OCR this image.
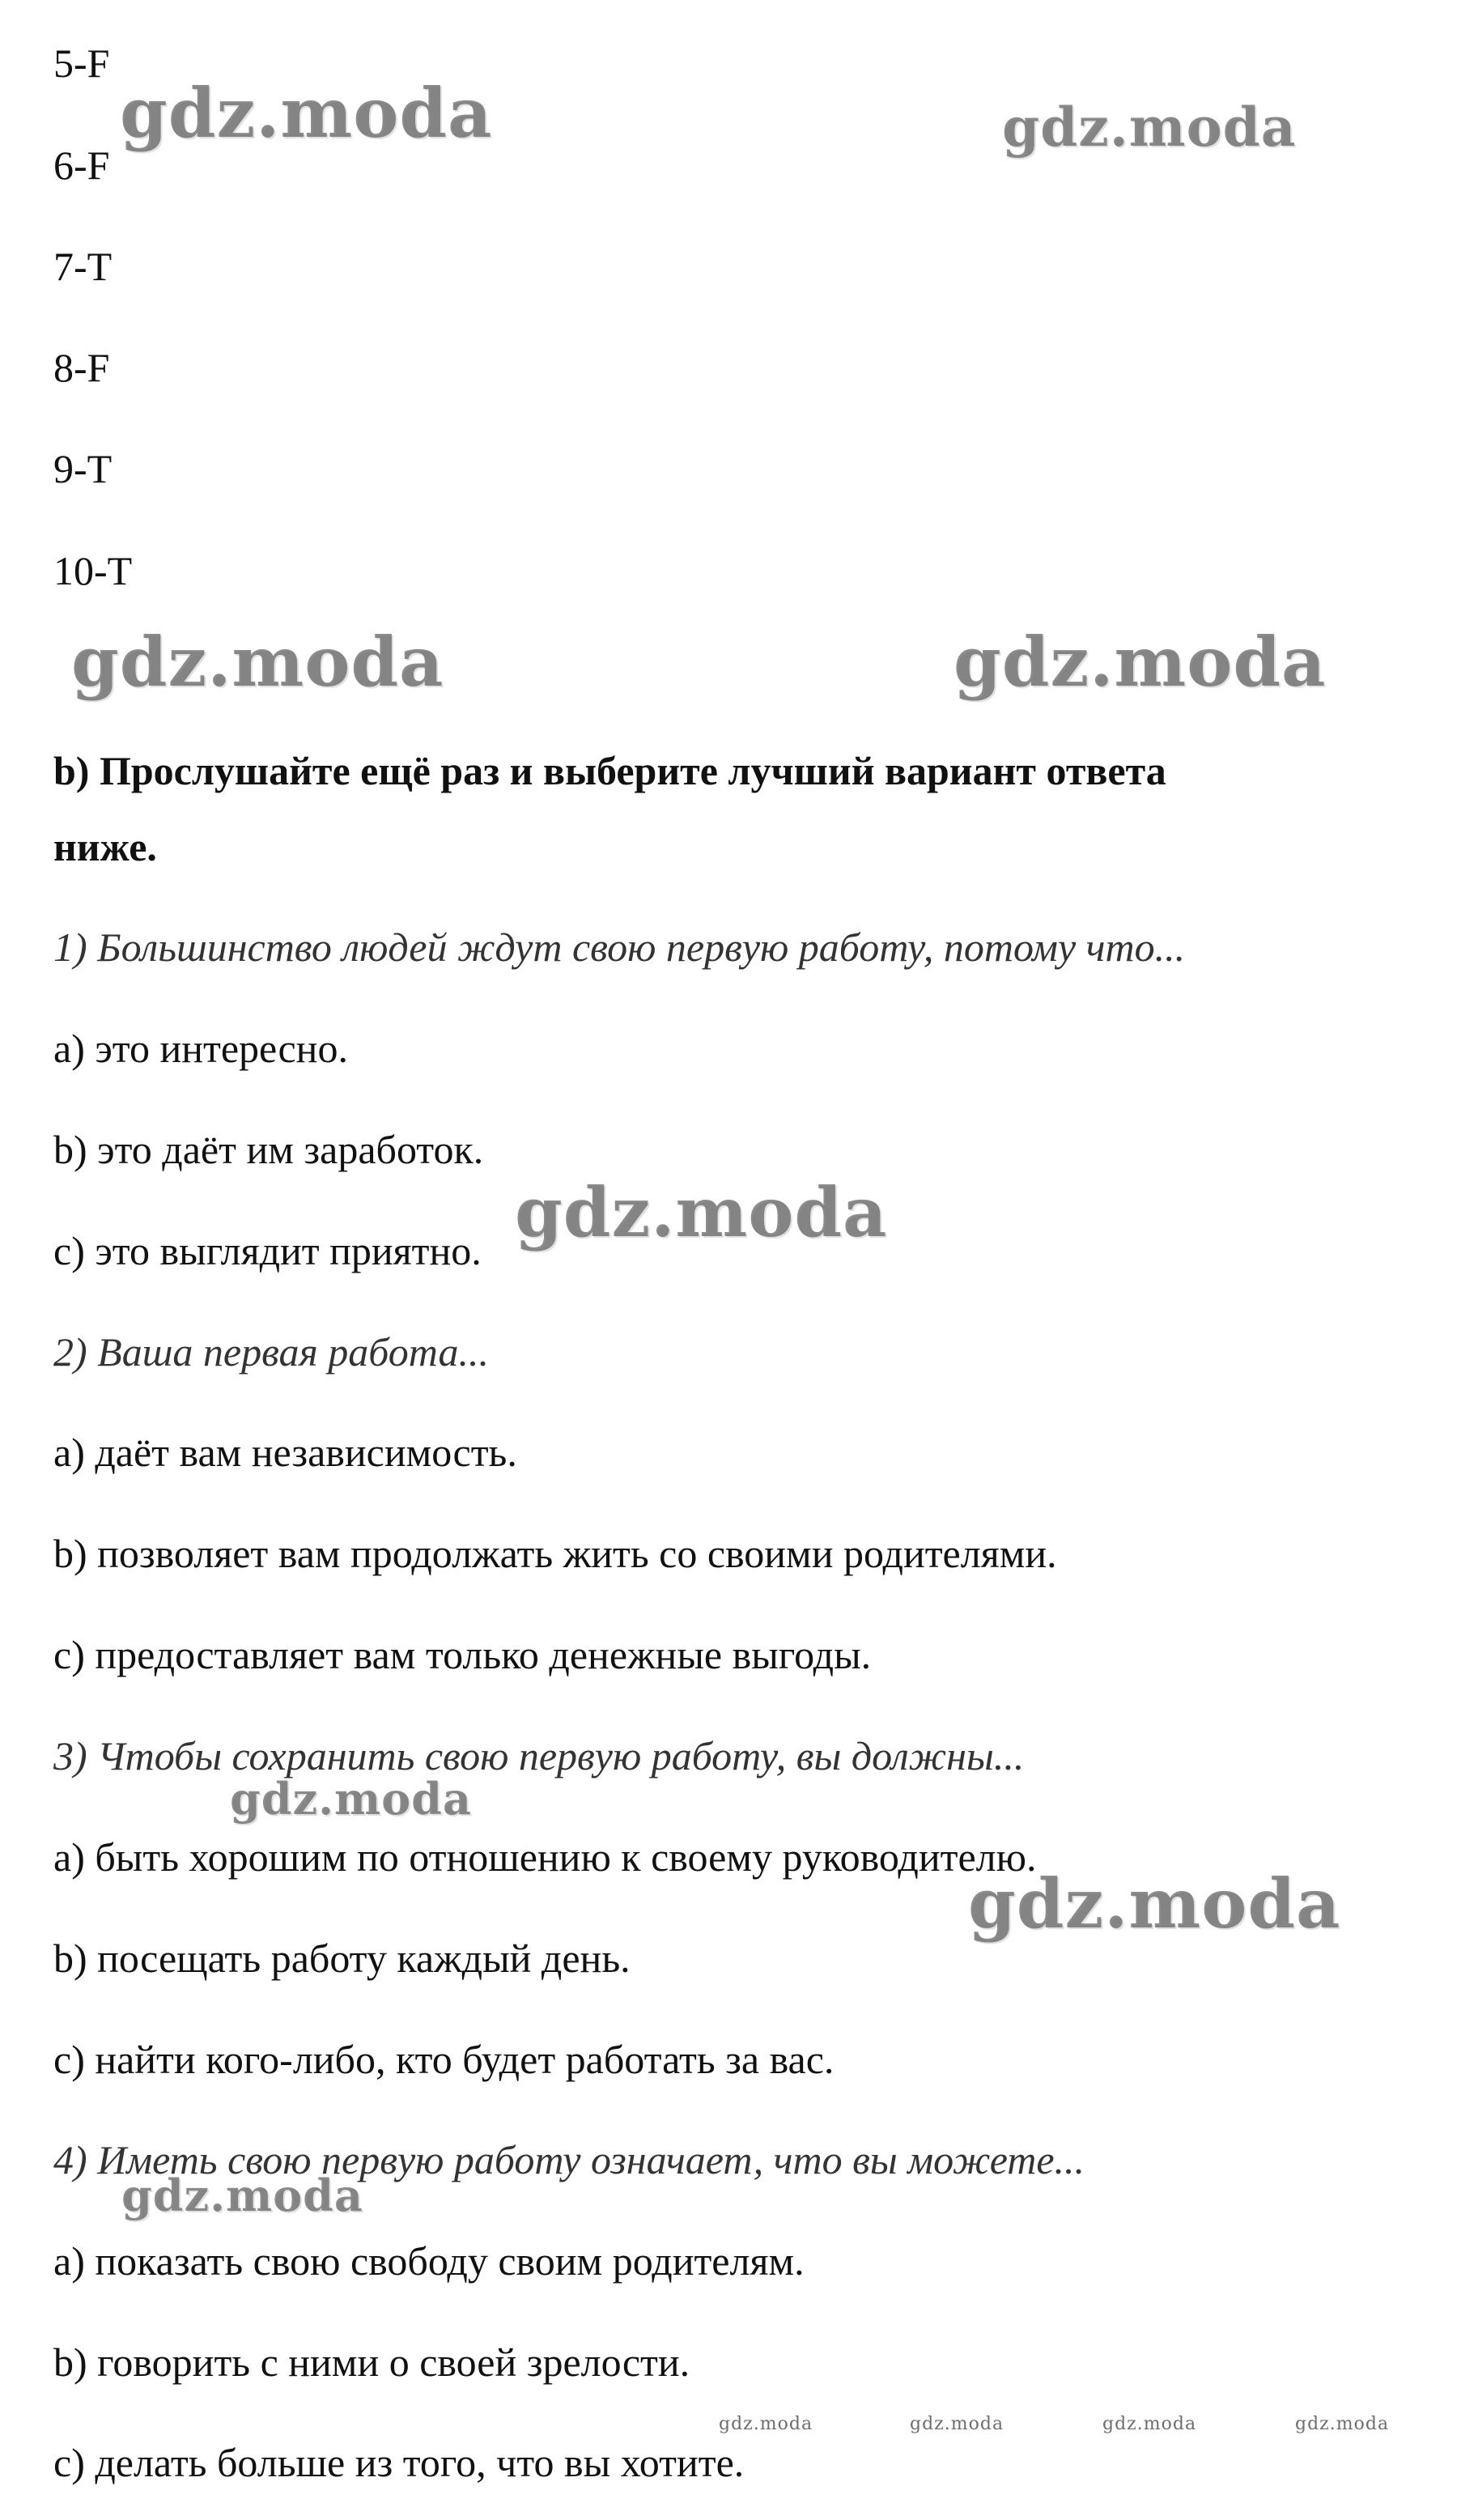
5-F
6-F
7-T
8-F
9-T
10-T
b) Прослушайте ещё раз и выберите лучший вариант ответа
ниже.
1) Большинство людей ждут свою первую работу, потому что...
a) это интересно.
b) это даёт им заработок.
c) это выглядит приятно.
2) Ваша первая работа...
a) даёт вам независимость.
b) позволяет вам продолжать жить со своими родителями.
c) предоставляет вам только денежные выгоды.
3) Чтобы сохранить свою первую работу, вы должны...
a) быть хорошим по отношению к своему руководителю.
b) посещать работу каждый день.
c) найти кого-либо, кто будет работать за вас.
4) Иметь свою первую работу означает, что вы можете...
a) показать свою свободу своим родителям.
b) говорить с ними о своей зрелости.
c) делать больше из того, что вы хотите.
gdz.moda	gdz.moda
gdz.moda	gdz.moda
gdz.moda
gdz.moda
gdz.moda
gdz.moda
gdz.moda	gdz.moda	gdz.moda	gdz.moda
